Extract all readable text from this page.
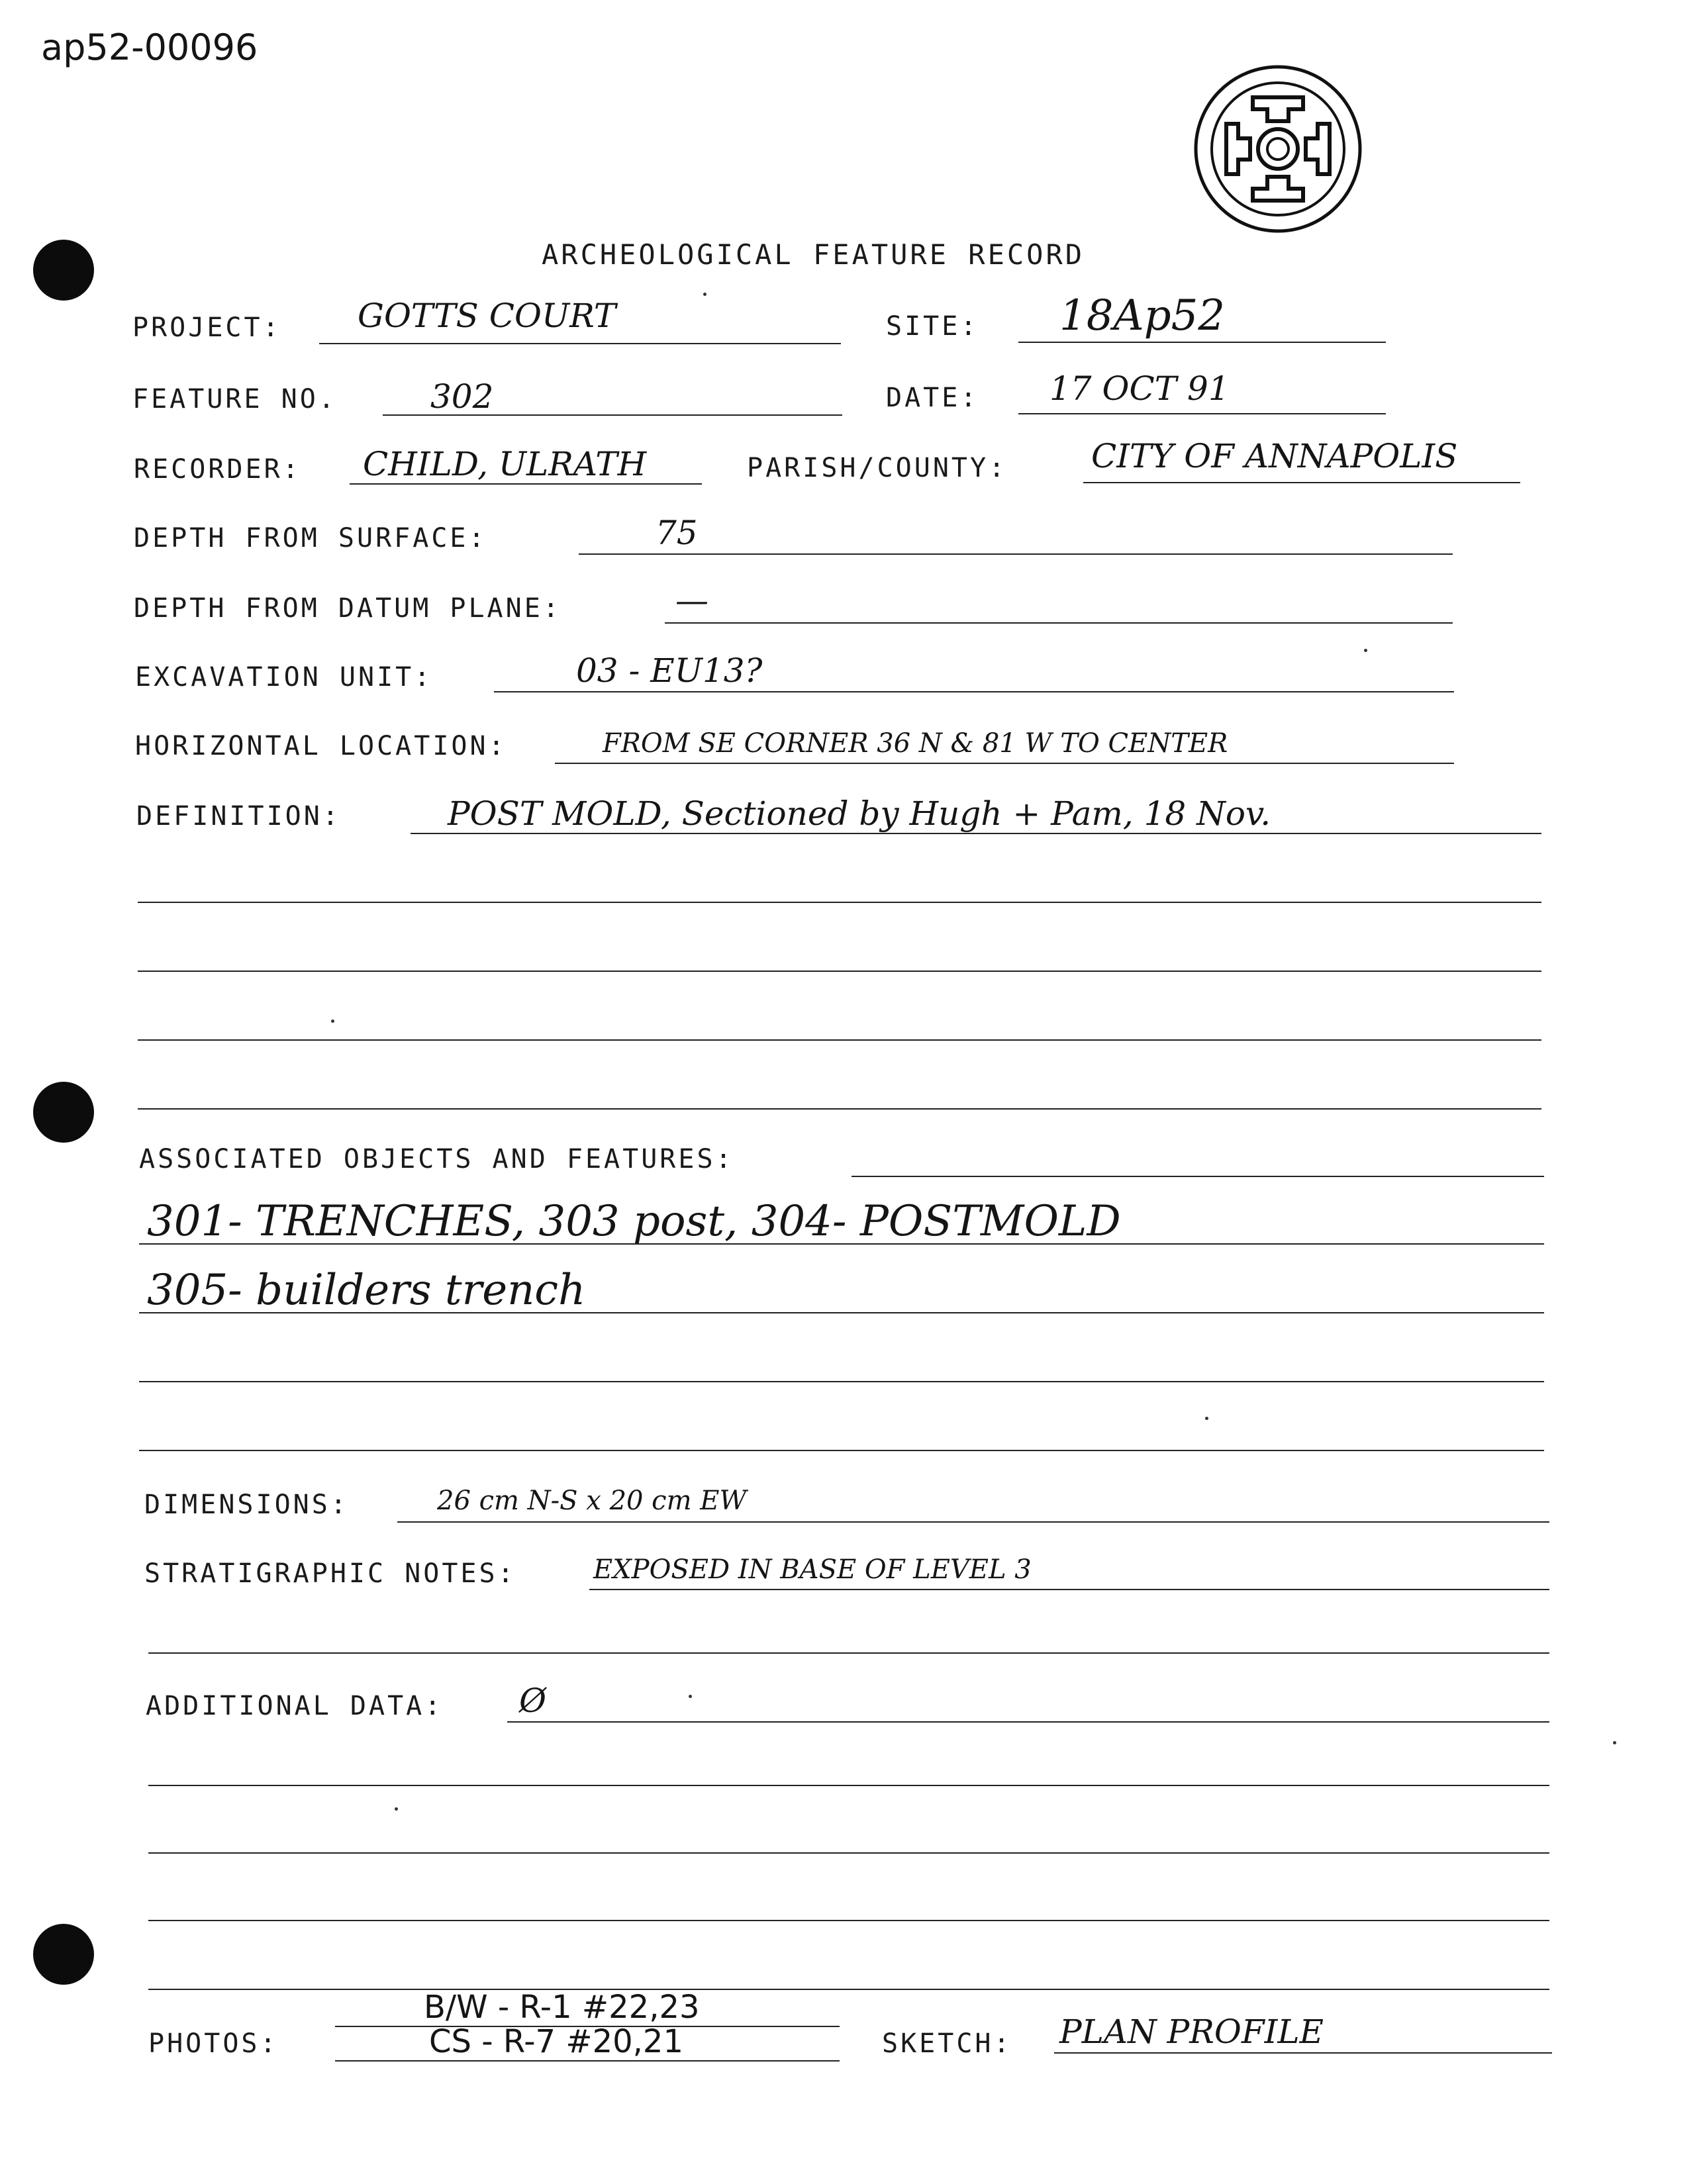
ap52-00096
ARCHEOLOGICAL FEATURE RECORD
PROJECT: GOTTS COURT	SITE: 18Ap52
FEATURE NO.	302	DATE: 17 OCT 91
RECORDER: CHILD, ULRATH	PARISH/COUNTY:	CITY OF ANNAPOLIS
DEPTH FROM SURFACE:	75
DEPTH FROM DATUM PLANE:	—
EXCAVATION UNIT:	03 - EU13?
HORIZONTAL LOCATION:	FROM SE CORNER 36 N & 81 W TO CENTER
DEFINITION:	POST MOLD, Sectioned by Hugh + Pam, 18 Nov.
ASSOCIATED OBJECTS AND FEATURES:
301- TRENCHES, 303 post, 304- POSTMOLD
305- builders trench
DIMENSIONS:	26 cm N-S x 20 cm EW
STRATIGRAPHIC NOTES:	EXPOSED IN BASE OF LEVEL 3
ADDITIONAL DATA: Ø
PHOTOS:
B/W - R-1 #22,23
CS - R-7 #20,21	SKETCH: PLAN PROFILE
